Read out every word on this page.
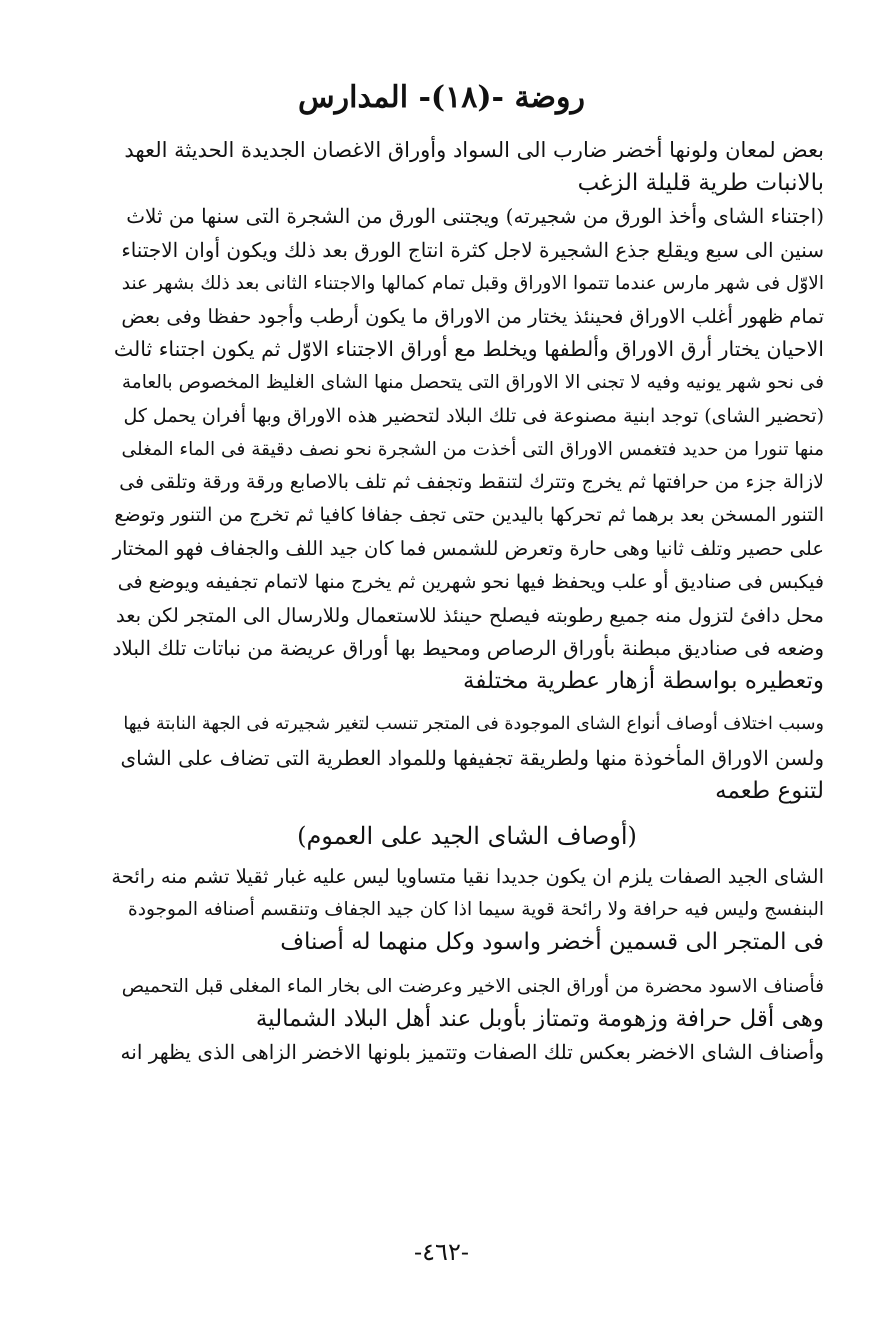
روضة -(١٨)- المدارس
بعض لمعان ولونها أخضر ضارب الى السواد وأوراق الاغصان الجديدة الحديثة العهد
بالانبات طرية قليلة الزغب
(اجتناء الشاى وأخذ الورق من شجيرته) ويجتنى الورق من الشجرة التى سنها من ثلاث
سنين الى سبع ويقلع جذع الشجيرة لاجل كثرة انتاج الورق بعد ذلك ويكون أوان الاجتناء
الاوّل فى شهر مارس عندما تتموا الاوراق وقبل تمام كمالها والاجتناء الثانى بعد ذلك بشهر عند
تمام ظهور أغلب الاوراق فحينئذ يختار من الاوراق ما يكون أرطب وأجود حفظا وفى بعض
الاحيان يختار أرق الاوراق وألطفها ويخلط مع أوراق الاجتناء الاوّل ثم يكون اجتناء ثالث
فى نحو شهر يونيه وفيه لا تجنى الا الاوراق التى يتحصل منها الشاى الغليظ المخصوص بالعامة
(تحضير الشاى) توجد ابنية مصنوعة فى تلك البلاد لتحضير هذه الاوراق وبها أفران يحمل كل
منها تنورا من حديد فتغمس الاوراق التى أخذت من الشجرة نحو نصف دقيقة فى الماء المغلى
لازالة جزء من حرافتها ثم يخرج وتترك لتنقط وتجفف ثم تلف بالاصابع ورقة ورقة وتلقى فى
التنور المسخن بعد برهما ثم تحركها باليدين حتى تجف جفافا كافيا ثم تخرج من التنور وتوضع
على حصير وتلف ثانيا وهى حارة وتعرض للشمس فما كان جيد اللف والجفاف فهو المختار
فيكبس فى صناديق أو علب ويحفظ فيها نحو شهرين ثم يخرج منها لاتمام تجفيفه ويوضع فى
محل دافئ لتزول منه جميع رطوبته فيصلح حينئذ للاستعمال وللارسال الى المتجر لكن بعد
وضعه فى صناديق مبطنة بأوراق الرصاص ومحيط بها أوراق عريضة من نباتات تلك البلاد
وتعطيره بواسطة أزهار عطرية مختلفة
وسبب اختلاف أوصاف أنواع الشاى الموجودة فى المتجر تنسب لتغير شجيرته فى الجهة النابتة فيها
ولسن الاوراق المأخوذة منها ولطريقة تجفيفها وللمواد العطرية التى تضاف على الشاى
لتنوع طعمه
(أوصاف الشاى الجيد على العموم)
الشاى الجيد الصفات يلزم ان يكون جديدا نقيا متساويا ليس عليه غبار ثقيلا تشم منه رائحة
البنفسج وليس فيه حرافة ولا رائحة قوية سيما اذا كان جيد الجفاف وتنقسم أصنافه الموجودة
فى المتجر الى قسمين أخضر واسود وكل منهما له أصناف
فأصناف الاسود محضرة من أوراق الجنى الاخير وعرضت الى بخار الماء المغلى قبل التحميص
وهى أقل حرافة وزهومة وتمتاز بأوبل عند أهل البلاد الشمالية
وأصناف الشاى الاخضر بعكس تلك الصفات وتتميز بلونها الاخضر الزاهى الذى يظهر انه
-٤٦٢-
